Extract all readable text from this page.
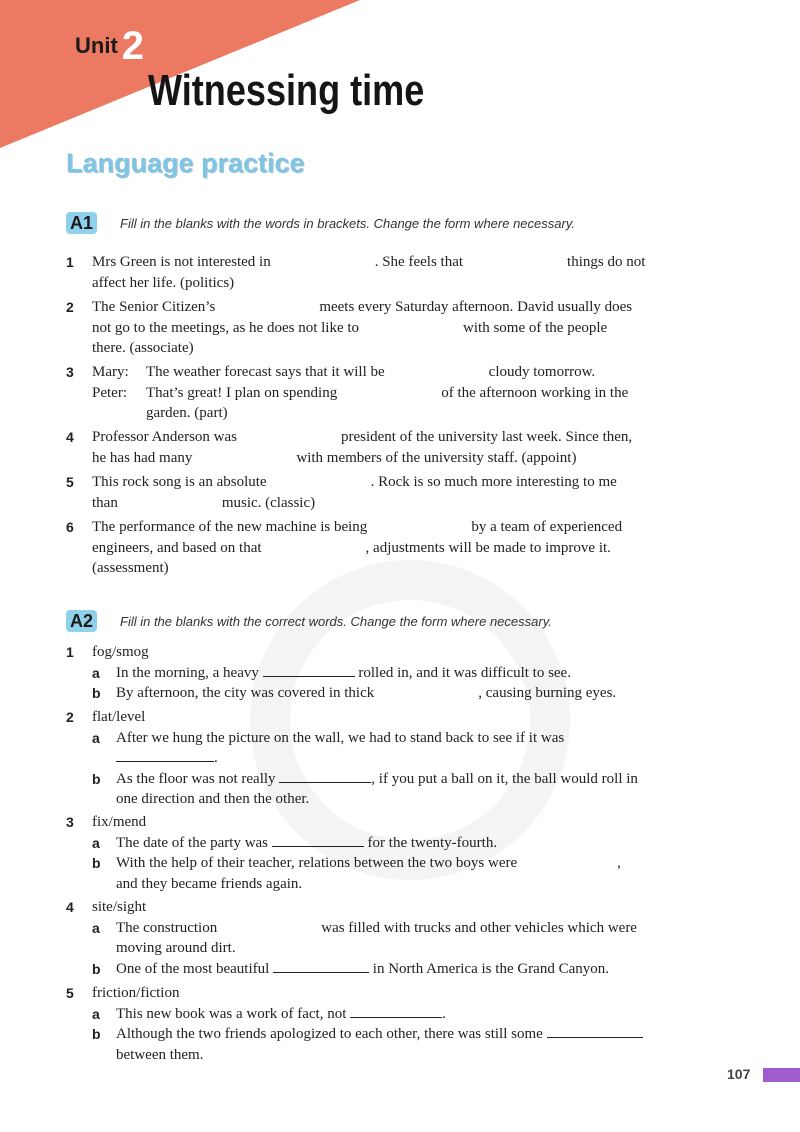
Unit 2
Witnessing time
Language practice
A1	Fill in the blanks with the words in brackets. Change the form where necessary.
1 Mrs Green is not interested in	. She feels that	things do not
affect her life. (politics)
2 The Senior Citizen’s	meets every Saturday afternoon. David usually does
not go to the meetings, as he does not like to	with some of the people
there. (associate)
3 Mary: The weather forecast says that it will be	cloudy tomorrow.
Peter: That’s great! I plan on spending	of the afternoon working in the
garden. (part)
4 Professor Anderson was	president of the university last week. Since then,
he has had many	with members of the university staff. (appoint)
5 This rock song is an absolute	. Rock is so much more interesting to me
than	music. (classic)
6 The performance of the new machine is being	by a team of experienced
engineers, and based on that	, adjustments will be made to improve it.
(assessment)
A2	Fill in the blanks with the correct words. Change the form where necessary.
1 fog/smog
a In the morning, a heavy	rolled in, and it was difficult to see.
b By afternoon, the city was covered in thick	, causing burning eyes.
2 flat/level
a After we hung the picture on the wall, we had to stand back to see if it was
.
b As the floor was not really	, if you put a ball on it, the ball would roll in
one direction and then the other.
3 fix/mend
a The date of the party was	for the twenty-fourth.
b With the help of their teacher, relations between the two boys were	,
and they became friends again.
4 site/sight
a The construction	was filled with trucks and other vehicles which were
moving around dirt.
b One of the most beautiful	in North America is the Grand Canyon.
5 friction/fiction
a This new book was a work of fact, not	.
b Although the two friends apologized to each other, there was still some
between them.
107
